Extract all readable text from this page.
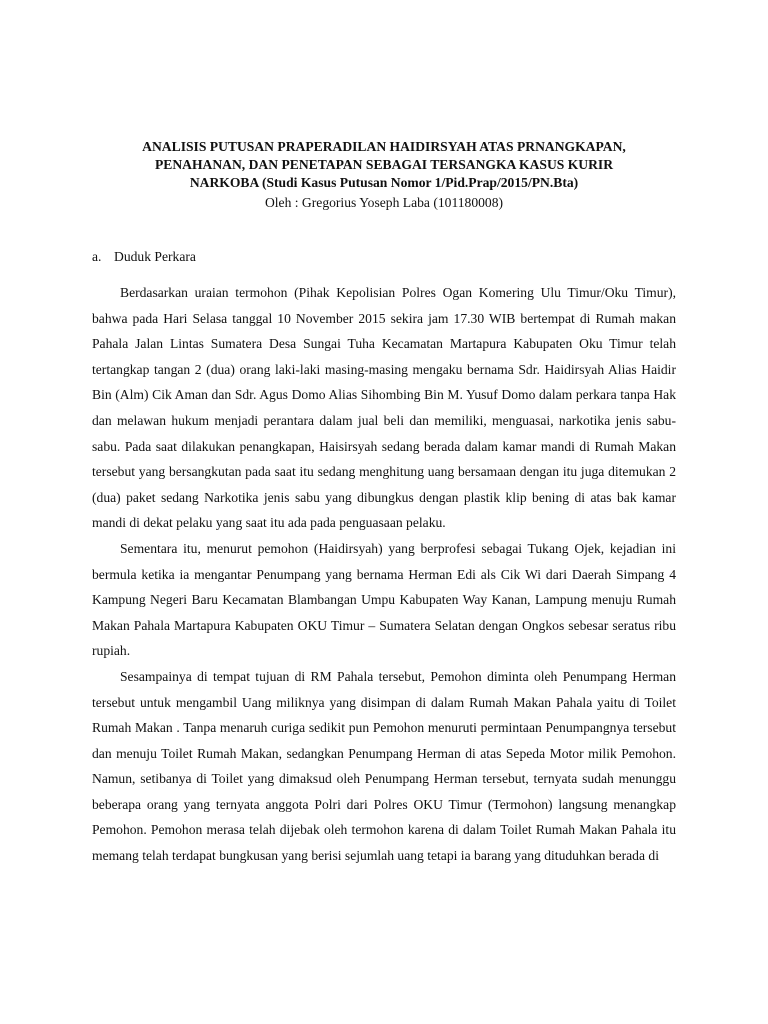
ANALISIS PUTUSAN PRAPERADILAN HAIDIRSYAH ATAS PRNANGKAPAN,
PENAHANAN, DAN PENETAPAN SEBAGAI TERSANGKA KASUS KURIR
NARKOBA (Studi Kasus Putusan Nomor 1/Pid.Prap/2015/PN.Bta)

Oleh : Gregorius Yoseph Laba (101180008)

a. Duduk Perkara

Berdasarkan uraian termohon (Pihak Kepolisian Polres Ogan Komering Ulu Timur/Oku Timur), bahwa pada Hari Selasa tanggal 10 November 2015 sekira jam 17.30 WIB bertempat di Rumah makan Pahala Jalan Lintas Sumatera Desa Sungai Tuha Kecamatan Martapura Kabupaten Oku Timur telah tertangkap tangan 2 (dua) orang laki-laki masing-masing mengaku bernama Sdr. Haidirsyah Alias Haidir Bin (Alm) Cik Aman dan Sdr. Agus Domo Alias Sihombing Bin M. Yusuf Domo dalam perkara tanpa Hak dan melawan hukum menjadi perantara dalam jual beli dan memiliki, menguasai, narkotika jenis sabu-sabu. Pada saat dilakukan penangkapan, Haisirsyah sedang berada dalam kamar mandi di Rumah Makan tersebut yang bersangkutan pada saat itu sedang menghitung uang bersamaan dengan itu juga ditemukan 2 (dua) paket sedang Narkotika jenis sabu yang dibungkus dengan plastik klip bening di atas bak kamar mandi di dekat pelaku yang saat itu ada pada penguasaan pelaku.

Sementara itu, menurut pemohon (Haidirsyah) yang berprofesi sebagai Tukang Ojek, kejadian ini bermula ketika ia mengantar Penumpang yang bernama Herman Edi als Cik Wi dari Daerah Simpang 4 Kampung Negeri Baru Kecamatan Blambangan Umpu Kabupaten Way Kanan, Lampung menuju Rumah Makan Pahala Martapura Kabupaten OKU Timur – Sumatera Selatan dengan Ongkos sebesar seratus ribu rupiah.

Sesampainya di tempat tujuan di RM Pahala tersebut, Pemohon diminta oleh Penumpang Herman tersebut untuk mengambil Uang miliknya yang disimpan di dalam Rumah Makan Pahala yaitu di Toilet Rumah Makan . Tanpa menaruh curiga sedikit pun Pemohon menuruti permintaan Penumpangnya tersebut dan menuju Toilet Rumah Makan, sedangkan Penumpang Herman di atas Sepeda Motor milik Pemohon. Namun, setibanya di Toilet yang dimaksud oleh Penumpang Herman tersebut, ternyata sudah menunggu beberapa orang yang ternyata anggota Polri dari Polres OKU Timur (Termohon) langsung menangkap Pemohon. Pemohon merasa telah dijebak oleh termohon karena di dalam Toilet Rumah Makan Pahala itu memang telah terdapat bungkusan yang berisi sejumlah uang tetapi ia barang yang dituduhkan berada di
